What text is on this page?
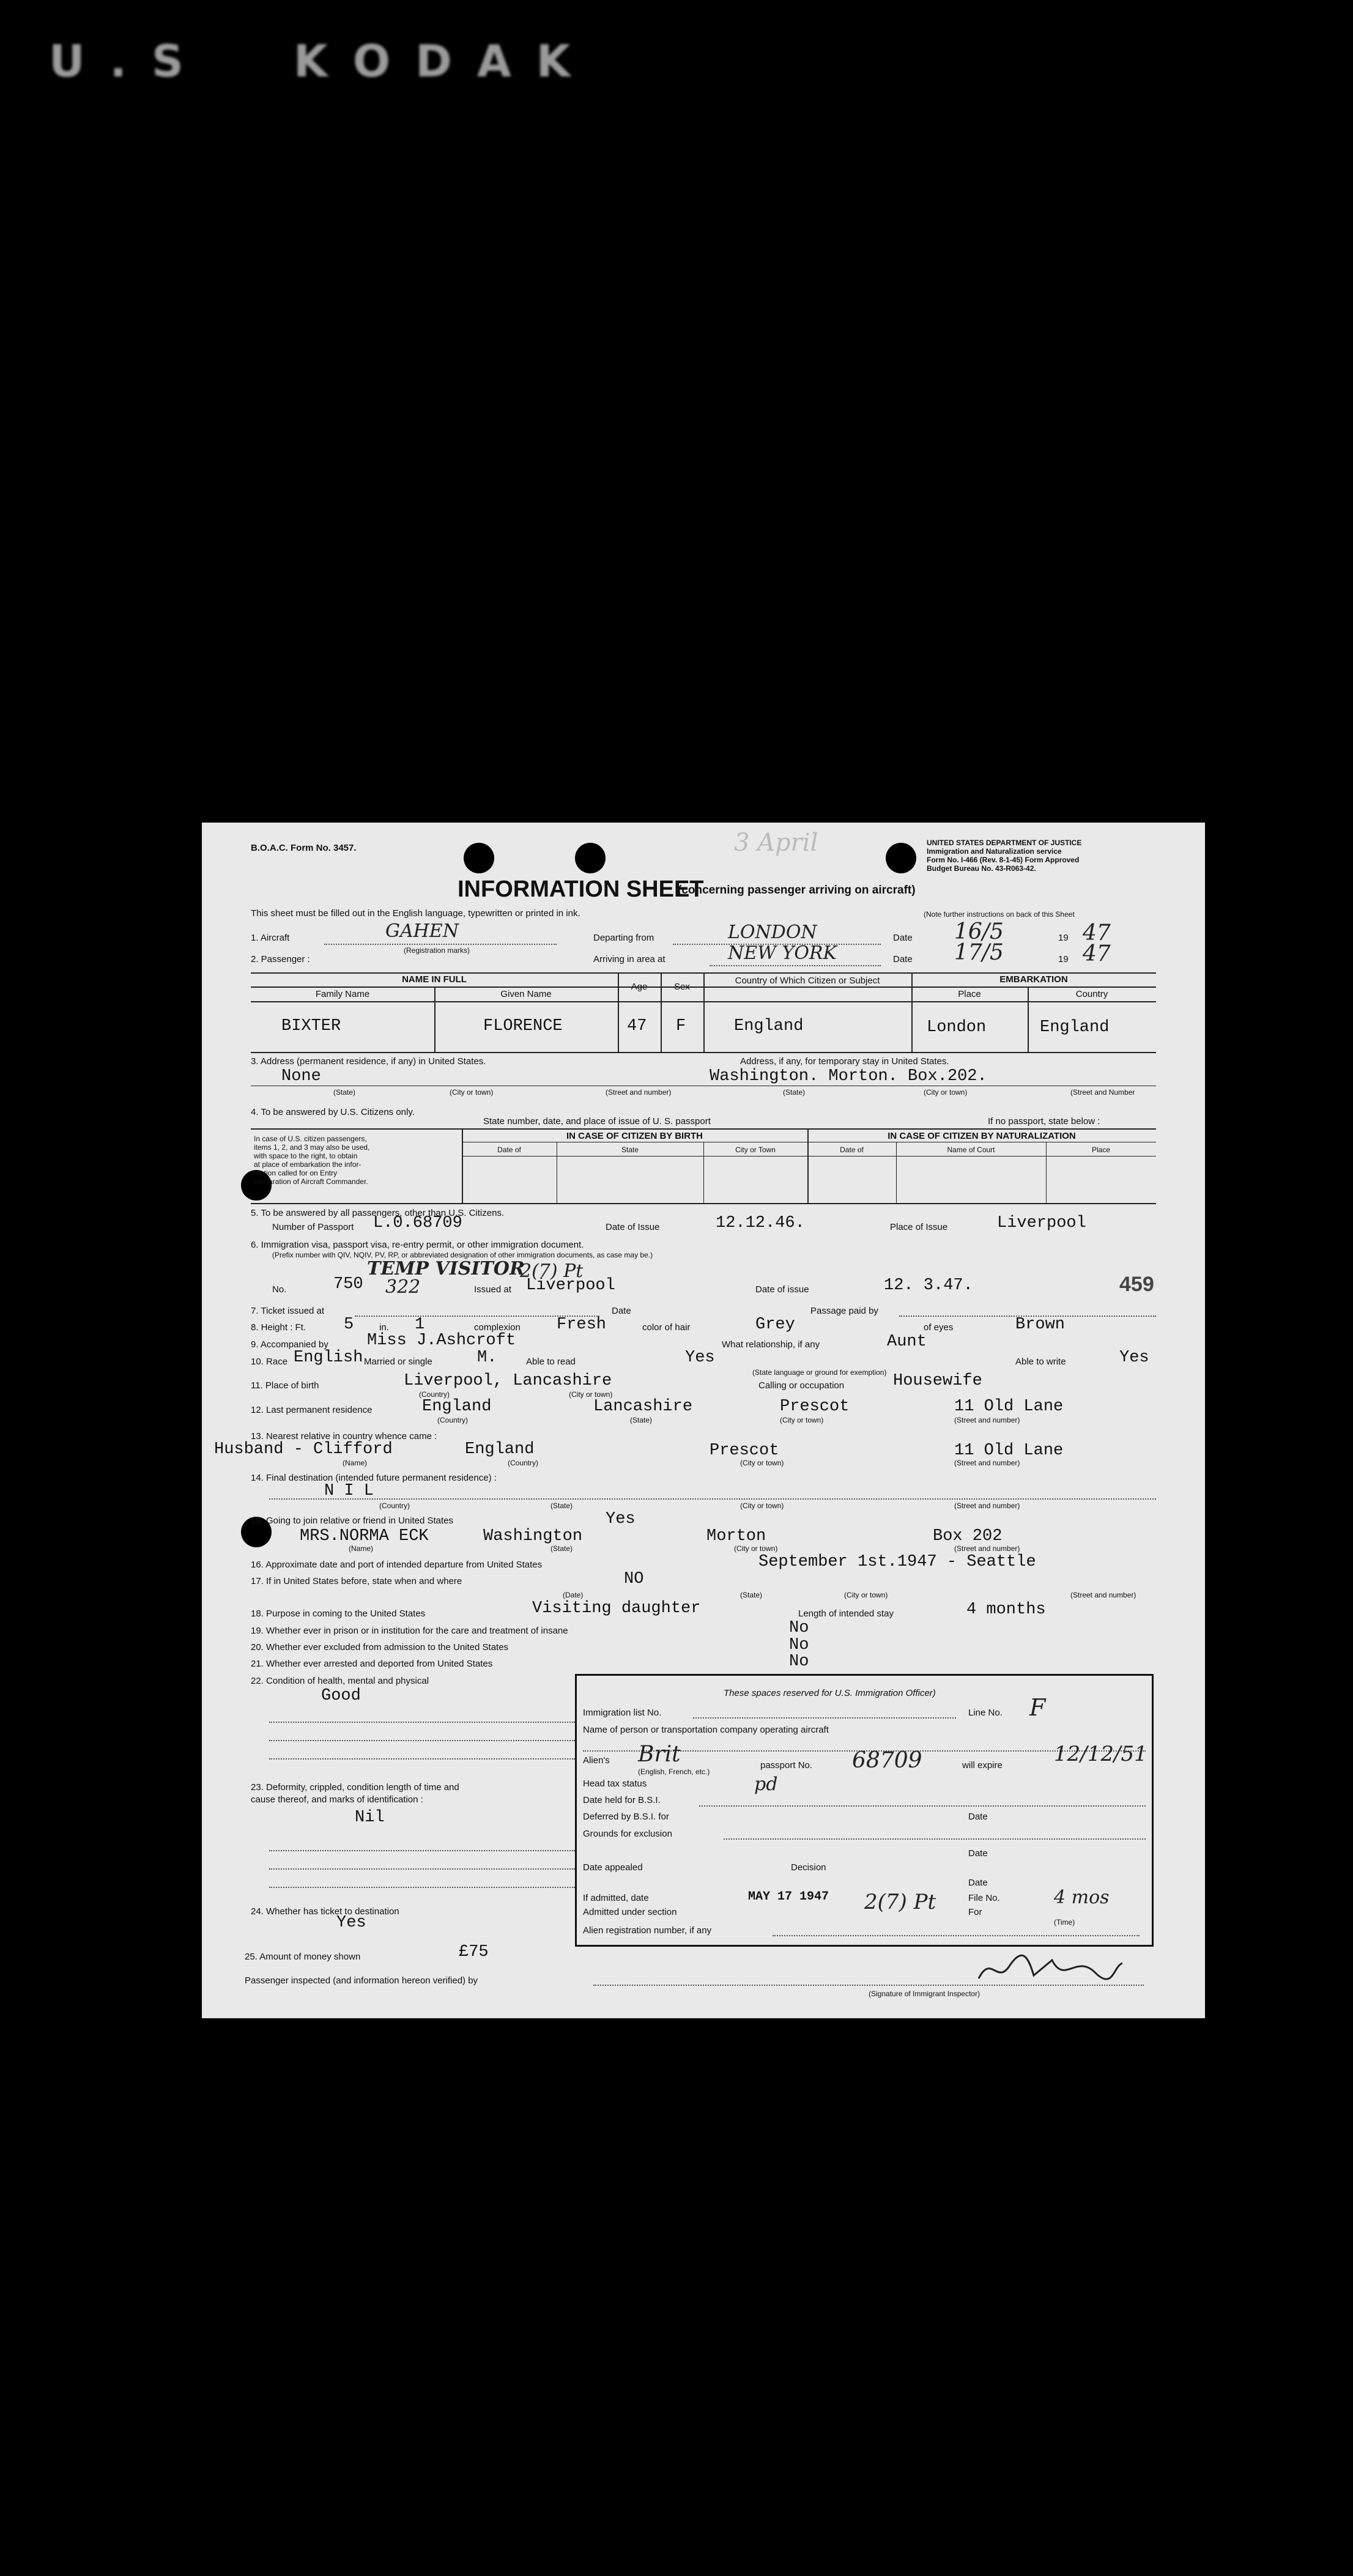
U . S K O D A K
B.O.A.C. Form No. 3457.	UNITED STATES DEPARTMENT OF JUSTICE
Immigration and Naturalization service
Form No. I-466 (Rev. 8-1-45) Form Approved
Budget Bureau No. 43-R063-42.
3 April
INFORMATION SHEET
(concerning passenger arriving on aircraft)
This sheet must be filled out in the English language, typewritten or printed in ink.	(Note further instructions on back of this Sheet
1. Aircraft	GAHEN
(Registration marks)
Departing from	LONDON	Date 16/5	19 47
2. Passenger :	Arriving in area at	NEW YORK	Date 17/5	19 47
NAME IN FULL
Family Name	Given Name
Age	Sex
Country of Which Citizen or Subject	EMBARKATION
Place	Country
BIXTER	FLORENCE	47 F	England	London	England
3. Address (permanent residence, if any) in United States.	Address, if any, for temporary stay in United States.
None	Washington. Morton. Box.202.
(State)	(City or town)	(Street and number)	(State)	(City or town)	(Street and Number
4. To be answered by U.S. Citizens only.
State number, date, and place of issue of U. S. passport	If no passport, state below :
In case of U.S. citizen passengers,
items 1, 2, and 3 may also be used,
with space to the right, to obtain
at place of embarkation the infor-
mation called for on Entry
Declaration of Aircraft Commander.
IN CASE OF CITIZEN BY BIRTH	IN CASE OF CITIZEN BY NATURALIZATION
Date of	State	City or Town	Date of	Name of Court	Place
5. To be answered by all passengers, other than U.S. Citizens.
Number of Passport L.0.68709	Date of Issue	12.12.46.	Place of Issue	Liverpool
6. Immigration visa, passport visa, re-entry permit, or other immigration document.
(Prefix number with QIV, NQIV, PV, RP, or abbreviated designation of other immigration documents, as case may be.)
TEMP VISITOR
2(7) Pt
No.	750 322	Issued at Liverpool	Date of issue	12. 3.47.	459
7. Ticket issued at	Date	Passage paid by
8. Height : Ft. 5	in. 1	complexion Fresh	color of hair	Grey	of eyes	Brown
9. Accompanied by Miss J.Ashcroft	What relationship, if any	Aunt
10. Race English Married or single	M.	Able to read	Yes
(State language or ground for exemption)
Able to write	Yes
11. Place of birth	Liverpool, Lancashire
(Country)	(City or town)
Calling or occupation	Housewife
12. Last permanent residence	England	Lancashire	Prescot	11 Old Lane
(Country)	(State)	(City or town)	(Street and number)
13. Nearest relative in country whence came :
Husband - Clifford	England	Prescot	11 Old Lane
(Name)	(Country)	(City or town)	(Street and number)
14. Final destination (intended future permanent residence) :
N I L
(Country)	(State)	(City or town)	(Street and number)
15. Going to join relative or friend in United States	Yes
MRS.NORMA ECK	Washington	Morton	Box 202
(Name)	(State)	(City or town)	(Street and number)
16. Approximate date and port of intended departure from United States	September 1st.1947 - Seattle
17. If in United States before, state when and where	NO
(Date)	(State)	(City or town)	(Street and number)
18. Purpose in coming to the United States	Visiting daughter	Length of intended stay	4 months
19. Whether ever in prison or in institution for the care and treatment of insane	No
20. Whether ever excluded from admission to the United States	No
21. Whether ever arrested and deported from United States	No
22. Condition of health, mental and physical
Good
23. Deformity, crippled, condition length of time and
cause thereof, and marks of identification :
Nil
24. Whether has ticket to destination
Yes
25. Amount of money shown	£75
Passenger inspected (and information hereon verified) by
(Signature of Immigrant Inspector)
These spaces reserved for U.S. Immigration Officer)
Immigration list No.	Line No. F
Name of person or transportation company operating aircraft
Alien's Brit
(English, French, etc.)
passport No. 68709	will expire 12/12/51
Head tax status	pd
Date held for B.S.I.
Deferred by B.S.I. for	Date
Grounds for exclusion
Date
Date appealed	Decision
Date
If admitted, date	MAY 17 1947
Admitted under section	2(7) Pt	File No.
For
4 mos
(Time)
Alien registration number, if any
